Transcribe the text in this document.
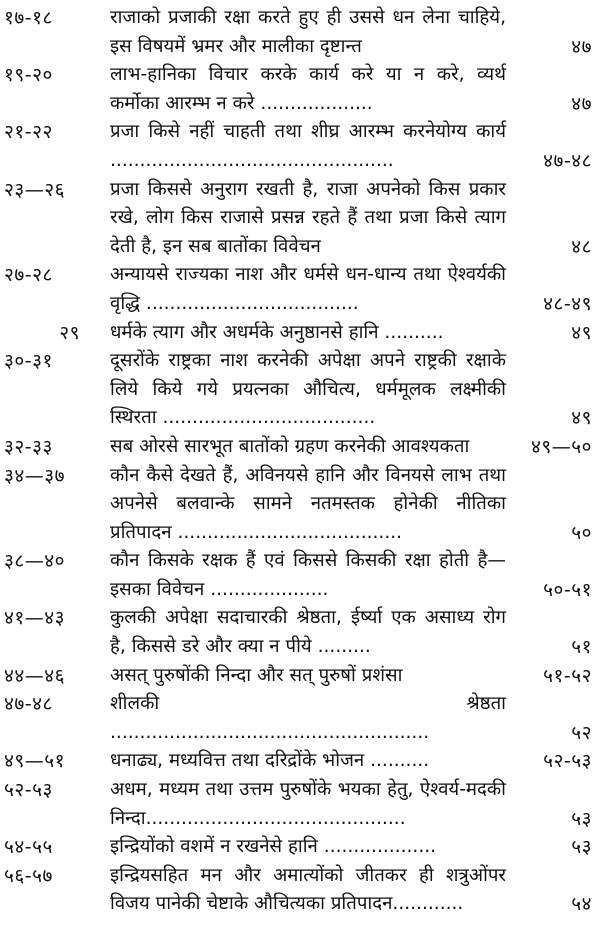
१७-१८	राजाको प्रजाकी रक्षा करते हुए ही उससे धन लेना चाहिये, इस विषयमें भ्रमर और मालीका दृष्टान्त	४७
१९-२०	लाभ-हानिका विचार करके कार्य करे या न करे, व्यर्थ कर्मोका आरम्भ न करे ...................	४७
२१-२२	प्रजा किसे नहीं चाहती तथा शीघ्र आरम्भ करनेयोग्य कार्य ................................................	४७-४८
२३—२६	प्रजा किससे अनुराग रखती है, राजा अपनेको किस प्रकार रखे, लोग किस राजासे प्रसन्न रहते हैं तथा प्रजा किसे त्याग देती है, इन सब बातोंका विवेचन	४८
२७-२८	अन्यायसे राज्यका नाश और धर्मसे धन-धान्य तथा ऐश्वर्यकी वृद्धि ....................................	४८-४९
२९ धर्मके त्याग और अधर्मके अनुष्ठानसे हानि ..........	४९
३०-३१	दूसरोंके राष्ट्रका नाश करनेकी अपेक्षा अपने राष्ट्रकी रक्षाके लिये किये गये प्रयत्नका औचित्य, धर्ममूलक लक्ष्मीकी स्थिरता ....................................	४९
३२-३३	सब ओरसे सारभूत बातोंको ग्रहण करनेकी आवश्यकता	४९—५०
३४—३७	कौन कैसे देखते हैं, अविनयसे हानि और विनयसे लाभ तथा अपनेसे बलवान्के सामने नतमस्तक होनेकी नीतिका प्रतिपादन ......................................	५०
३८—४०	कौन किसके रक्षक हैं एवं किससे किसकी रक्षा होती है—इसका विवेचन ....................	५०-५१
४१—४३	कुलकी अपेक्षा सदाचारकी श्रेष्ठता, ईर्ष्या एक असाध्य रोग है, किससे डरे और क्या न पीये .........	५१
४४—४६	असत् पुरुषोंकी निन्दा और सत् पुरुषों प्रशंसा	५१-५२
४७-४८	शीलकी श्रेष्ठता ......................................................	५२
४९—५१	धनाढ्य, मध्यवित्त तथा दरिद्रोंके भोजन ..........	५२-५३
५२-५३	अधम, मध्यम तथा उत्तम पुरुषोंके भयका हेतु, ऐश्वर्य-मदकी निन्दा............................................	५३
५४-५५	इन्द्रियोंको वशमें न रखनेसे हानि ...................	५३
५६-५७	इन्द्रियसहित मन और अमात्योंको जीतकर ही शत्रुओंपर विजय पानेकी चेष्टाके औचित्यका प्रतिपादन............	५४
